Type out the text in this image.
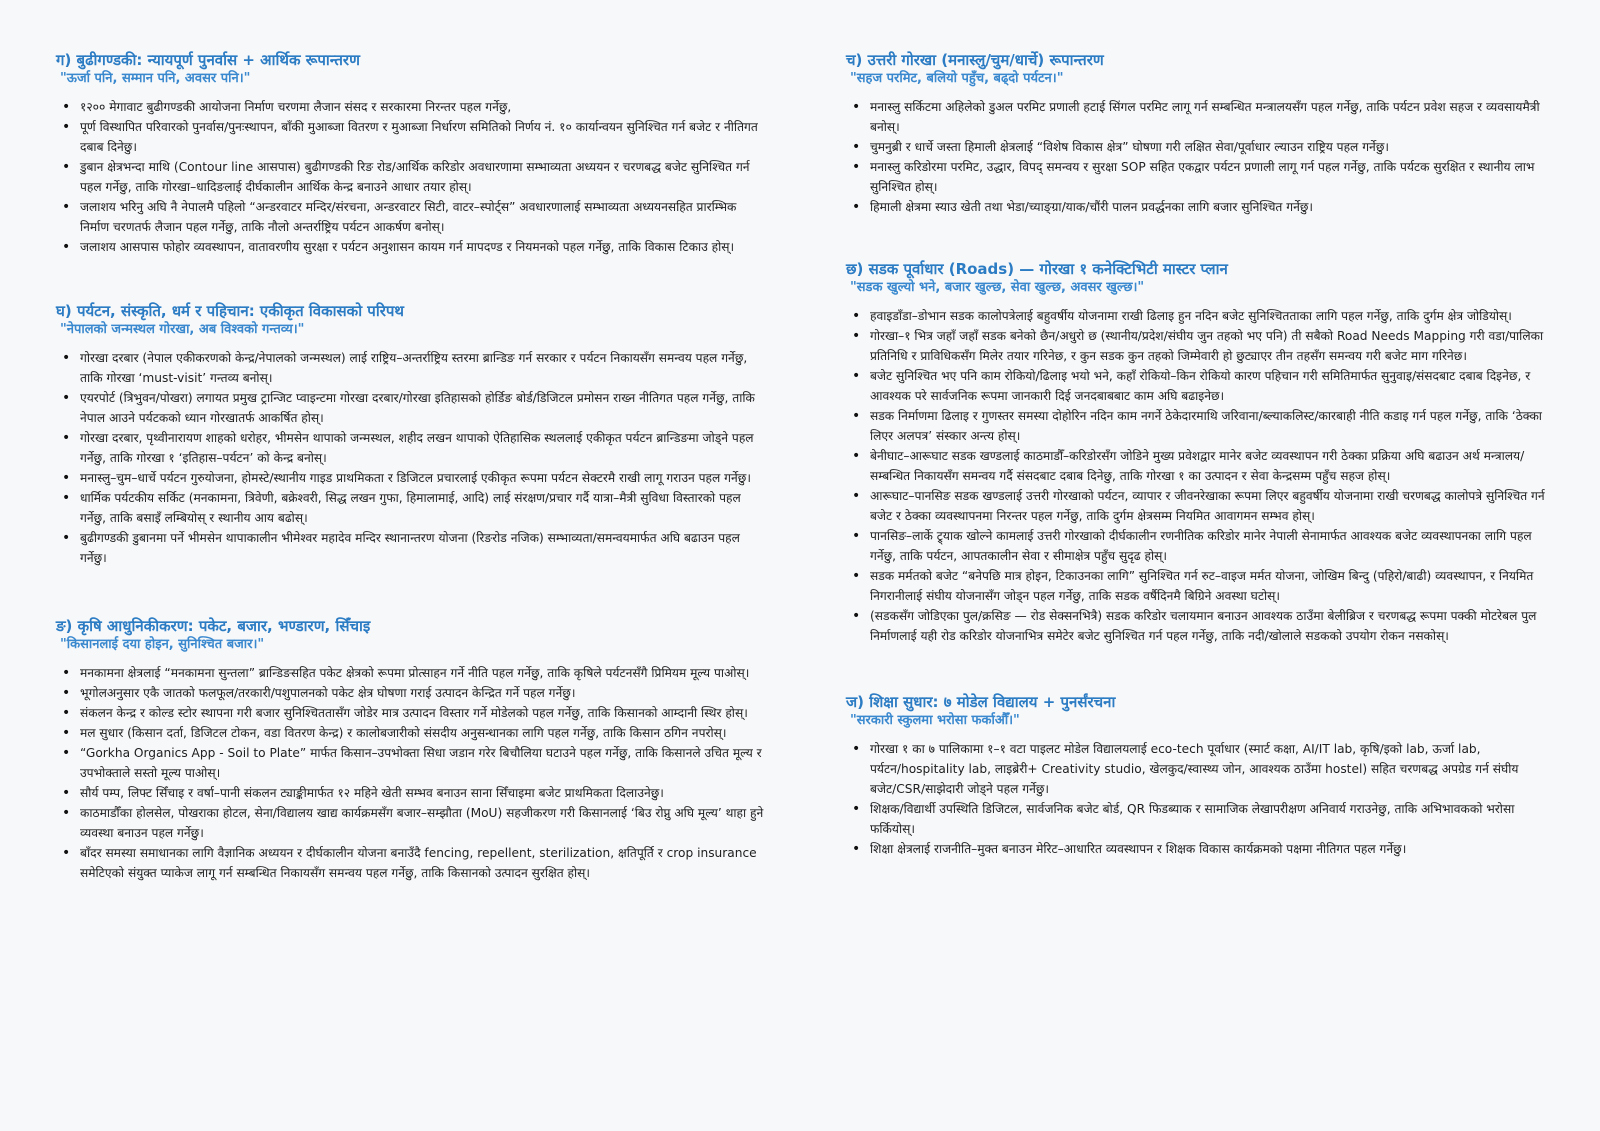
ग) बुढीगण्डकी: न्यायपूर्ण पुनर्वास + आर्थिक रूपान्तरण

"ऊर्जा पनि, सम्मान पनि, अवसर पनि।"

• १२०० मेगावाट बुढीगण्डकी आयोजना निर्माण चरणमा लैजान संसद र सरकारमा निरन्तर पहल गर्नेछु,
• पूर्ण विस्थापित परिवारको पुनर्वास/पुनःस्थापन, बाँकी मुआब्जा वितरण र मुआब्जा निर्धारण समितिको निर्णय नं. १० कार्यान्वयन सुनिश्चित गर्न बजेट र नीतिगत दबाब दिनेछु।
• डुबान क्षेत्रभन्दा माथि (Contour line आसपास) बुढीगण्डकी रिङ रोड/आर्थिक करिडोर अवधारणामा सम्भाव्यता अध्ययन र चरणबद्ध बजेट सुनिश्चित गर्न पहल गर्नेछु, ताकि गोरखा–धादिङलाई दीर्घकालीन आर्थिक केन्द्र बनाउने आधार तयार होस्।
• जलाशय भरिनु अघि नै नेपालमै पहिलो “अन्डरवाटर मन्दिर/संरचना, अन्डरवाटर सिटी, वाटर–स्पोर्ट्स” अवधारणालाई सम्भाव्यता अध्ययनसहित प्रारम्भिक निर्माण चरणतर्फ लैजान पहल गर्नेछु, ताकि नौलो अन्तर्राष्ट्रिय पर्यटन आकर्षण बनोस्।
• जलाशय आसपास फोहोर व्यवस्थापन, वातावरणीय सुरक्षा र पर्यटन अनुशासन कायम गर्न मापदण्ड र नियमनको पहल गर्नेछु, ताकि विकास टिकाउ होस्।
घ) पर्यटन, संस्कृति, धर्म र पहिचान: एकीकृत विकासको परिपथ

"नेपालको जन्मस्थल गोरखा, अब विश्वको गन्तव्य।"

• गोरखा दरबार (नेपाल एकीकरणको केन्द्र/नेपालको जन्मस्थल) लाई राष्ट्रिय–अन्तर्राष्ट्रिय स्तरमा ब्रान्डिङ गर्न सरकार र पर्यटन निकायसँग समन्वय पहल गर्नेछु, ताकि गोरखा ‘must-visit’ गन्तव्य बनोस्।
• एयरपोर्ट (त्रिभुवन/पोखरा) लगायत प्रमुख ट्रान्जिट प्वाइन्टमा गोरखा दरबार/गोरखा इतिहासको होर्डिङ बोर्ड/डिजिटल प्रमोसन राख्न नीतिगत पहल गर्नेछु, ताकि नेपाल आउने पर्यटकको ध्यान गोरखातर्फ आकर्षित होस्।
• गोरखा दरबार, पृथ्वीनारायण शाहको धरोहर, भीमसेन थापाको जन्मस्थल, शहीद लखन थापाको ऐतिहासिक स्थललाई एकीकृत पर्यटन ब्रान्डिङमा जोड्ने पहल गर्नेछु, ताकि गोरखा १ ‘इतिहास–पर्यटन’ को केन्द्र बनोस्।
• मनास्लु–चुम–धार्चे पर्यटन गुरुयोजना, होमस्टे/स्थानीय गाइड प्राथमिकता र डिजिटल प्रचारलाई एकीकृत रूपमा पर्यटन सेक्टरमै राखी लागू गराउन पहल गर्नेछु।
• धार्मिक पर्यटकीय सर्किट (मनकामना, त्रिवेणी, बक्रेश्वरी, सिद्ध लखन गुफा, हिमालामाई, आदि) लाई संरक्षण/प्रचार गर्दै यात्रा–मैत्री सुविधा विस्तारको पहल गर्नेछु, ताकि बसाइँ लम्बियोस् र स्थानीय आय बढोस्।
• बुढीगण्डकी डुबानमा पर्ने भीमसेन थापाकालीन भीमेश्वर महादेव मन्दिर स्थानान्तरण योजना (रिङरोड नजिक) सम्भाव्यता/समन्वयमार्फत अघि बढाउन पहल गर्नेछु।
ङ) कृषि आधुनिकीकरण: पकेट, बजार, भण्डारण, सिँचाइ

"किसानलाई दया होइन, सुनिश्चित बजार।"

• मनकामना क्षेत्रलाई “मनकामना सुन्तला” ब्रान्डिङसहित पकेट क्षेत्रको रूपमा प्रोत्साहन गर्ने नीति पहल गर्नेछु, ताकि कृषिले पर्यटनसँगै प्रिमियम मूल्य पाओस्।
• भूगोलअनुसार एकै जातको फलफूल/तरकारी/पशुपालनको पकेट क्षेत्र घोषणा गराई उत्पादन केन्द्रित गर्ने पहल गर्नेछु।
• संकलन केन्द्र र कोल्ड स्टोर स्थापना गरी बजार सुनिश्चिततासँग जोडेर मात्र उत्पादन विस्तार गर्ने मोडेलको पहल गर्नेछु, ताकि किसानको आम्दानी स्थिर होस्।
• मल सुधार (किसान दर्ता, डिजिटल टोकन, वडा वितरण केन्द्र) र कालोबजारीको संसदीय अनुसन्धानका लागि पहल गर्नेछु, ताकि किसान ठगिन नपरोस्।
• “Gorkha Organics App - Soil to Plate” मार्फत किसान–उपभोक्ता सिधा जडान गरेर बिचौलिया घटाउने पहल गर्नेछु, ताकि किसानले उचित मूल्य र उपभोक्ताले सस्तो मूल्य पाओस्।
• सौर्य पम्प, लिफ्ट सिँचाइ र वर्षा–पानी संकलन ट्याङ्कीमार्फत १२ महिने खेती सम्भव बनाउन साना सिँचाइमा बजेट प्राथमिकता दिलाउनेछु।
• काठमाडौँका होलसेल, पोखराका होटल, सेना/विद्यालय खाद्य कार्यक्रमसँग बजार–सम्झौता (MoU) सहजीकरण गरी किसानलाई ‘बिउ रोप्नु अघि मूल्य’ थाहा हुने व्यवस्था बनाउन पहल गर्नेछु।
• बाँदर समस्या समाधानका लागि वैज्ञानिक अध्ययन र दीर्घकालीन योजना बनाउँदै fencing, repellent, sterilization, क्षतिपूर्ति र crop insurance समेटिएको संयुक्त प्याकेज लागू गर्न सम्बन्धित निकायसँग समन्वय पहल गर्नेछु, ताकि किसानको उत्पादन सुरक्षित होस्।
च) उत्तरी गोरखा (मनास्लु/चुम/धार्चे) रूपान्तरण

"सहज परमिट, बलियो पहुँच, बढ्दो पर्यटन।"

• मनास्लु सर्किटमा अहिलेको डुअल परमिट प्रणाली हटाई सिंगल परमिट लागू गर्न सम्बन्धित मन्त्रालयसँग पहल गर्नेछु, ताकि पर्यटन प्रवेश सहज र व्यवसायमैत्री बनोस्।
• चुमनुब्री र धार्चे जस्ता हिमाली क्षेत्रलाई “विशेष विकास क्षेत्र” घोषणा गरी लक्षित सेवा/पूर्वाधार ल्याउन राष्ट्रिय पहल गर्नेछु।
• मनास्लु करिडोरमा परमिट, उद्धार, विपद् समन्वय र सुरक्षा SOP सहित एकद्वार पर्यटन प्रणाली लागू गर्न पहल गर्नेछु, ताकि पर्यटक सुरक्षित र स्थानीय लाभ सुनिश्चित होस्।
• हिमाली क्षेत्रमा स्याउ खेती तथा भेडा/च्याङ्ग्रा/याक/चौंरी पालन प्रवर्द्धनका लागि बजार सुनिश्चित गर्नेछु।
छ) सडक पूर्वाधार (Roads) — गोरखा १ कनेक्टिभिटी मास्टर प्लान

"सडक खुल्यो भने, बजार खुल्छ, सेवा खुल्छ, अवसर खुल्छ।"

• हवाइडाँडा–डोभान सडक कालोपत्रेलाई बहुवर्षीय योजनामा राखी ढिलाइ हुन नदिन बजेट सुनिश्चितताका लागि पहल गर्नेछु, ताकि दुर्गम क्षेत्र जोडियोस्।
• गोरखा–१ भित्र जहाँ जहाँ सडक बनेको छैन/अधुरो छ (स्थानीय/प्रदेश/संघीय जुन तहको भए पनि) ती सबैको Road Needs Mapping गरी वडा/पालिका प्रतिनिधि र प्राविधिकसँग मिलेर तयार गरिनेछ, र कुन सडक कुन तहको जिम्मेवारी हो छुट्याएर तीन तहसँग समन्वय गरी बजेट माग गरिनेछ।
• बजेट सुनिश्चित भए पनि काम रोकियो/ढिलाइ भयो भने, कहाँ रोकियो–किन रोकियो कारण पहिचान गरी समितिमार्फत सुनुवाइ/संसदबाट दबाब दिइनेछ, र आवश्यक परे सार्वजनिक रूपमा जानकारी दिई जनदबाबबाट काम अघि बढाइनेछ।
• सडक निर्माणमा ढिलाइ र गुणस्तर समस्या दोहोरिन नदिन काम नगर्ने ठेकेदारमाथि जरिवाना/ब्ल्याकलिस्ट/कारबाही नीति कडाइ गर्न पहल गर्नेछु, ताकि ‘ठेक्का लिएर अलपत्र’ संस्कार अन्त्य होस्।
• बेनीघाट–आरूघाट सडक खण्डलाई काठमाडौँ–करिडोरसँग जोडिने मुख्य प्रवेशद्वार मानेर बजेट व्यवस्थापन गरी ठेक्का प्रक्रिया अघि बढाउन अर्थ मन्त्रालय/सम्बन्धित निकायसँग समन्वय गर्दै संसदबाट दबाब दिनेछु, ताकि गोरखा १ का उत्पादन र सेवा केन्द्रसम्म पहुँच सहज होस्।
• आरूघाट–पानसिङ सडक खण्डलाई उत्तरी गोरखाको पर्यटन, व्यापार र जीवनरेखाका रूपमा लिएर बहुवर्षीय योजनामा राखी चरणबद्ध कालोपत्रे सुनिश्चित गर्न बजेट र ठेक्का व्यवस्थापनमा निरन्तर पहल गर्नेछु, ताकि दुर्गम क्षेत्रसम्म नियमित आवागमन सम्भव होस्।
• पानसिङ–लार्के ट्र्याक खोल्ने कामलाई उत्तरी गोरखाको दीर्घकालीन रणनीतिक करिडोर मानेर नेपाली सेनामार्फत आवश्यक बजेट व्यवस्थापनका लागि पहल गर्नेछु, ताकि पर्यटन, आपतकालीन सेवा र सीमाक्षेत्र पहुँच सुदृढ होस्।
• सडक मर्मतको बजेट “बनेपछि मात्र होइन, टिकाउनका लागि” सुनिश्चित गर्न रुट–वाइज मर्मत योजना, जोखिम बिन्दु (पहिरो/बाढी) व्यवस्थापन, र नियमित निगरानीलाई संघीय योजनासँग जोड्न पहल गर्नेछु, ताकि सडक वर्षैदिनमै बिग्रिने अवस्था घटोस्।
• (सडकसँग जोडिएका पुल/क्रसिङ — रोड सेक्सनभित्रै) सडक करिडोर चलायमान बनाउन आवश्यक ठाउँमा बेलीब्रिज र चरणबद्ध रूपमा पक्की मोटरेबल पुल निर्माणलाई यही रोड करिडोर योजनाभित्र समेटेर बजेट सुनिश्चित गर्न पहल गर्नेछु, ताकि नदी/खोलाले सडकको उपयोग रोकन नसकोस्।
ज) शिक्षा सुधार: ७ मोडेल विद्यालय + पुनर्संरचना

"सरकारी स्कुलमा भरोसा फर्काऔँ।"

• गोरखा १ का ७ पालिकामा १–१ वटा पाइलट मोडेल विद्यालयलाई eco-tech पूर्वाधार (स्मार्ट कक्षा, AI/IT lab, कृषि/इको lab, ऊर्जा lab, पर्यटन/hospitality lab, लाइब्रेरी+ Creativity studio, खेलकुद/स्वास्थ्य जोन, आवश्यक ठाउँमा hostel) सहित चरणबद्ध अपग्रेड गर्न संघीय बजेट/CSR/साझेदारी जोड्ने पहल गर्नेछु।
• शिक्षक/विद्यार्थी उपस्थिति डिजिटल, सार्वजनिक बजेट बोर्ड, QR फिडब्याक र सामाजिक लेखापरीक्षण अनिवार्य गराउनेछु, ताकि अभिभावकको भरोसा फर्कियोस्।
• शिक्षा क्षेत्रलाई राजनीति–मुक्त बनाउन मेरिट–आधारित व्यवस्थापन र शिक्षक विकास कार्यक्रमको पक्षमा नीतिगत पहल गर्नेछु।
